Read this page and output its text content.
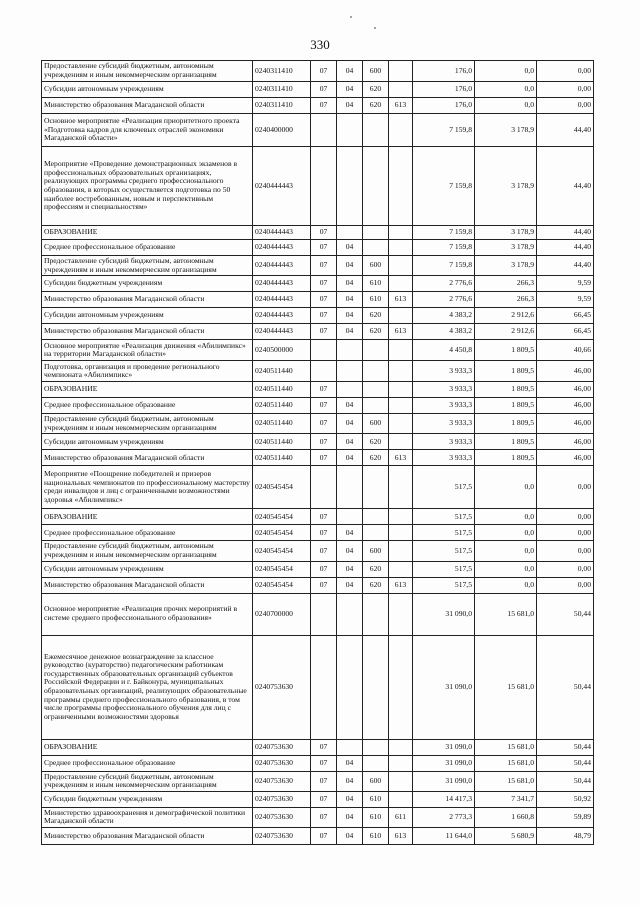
330
Предоставление субсидий бюджетным, автономным учреждениям и иным некоммерческим организациям	0240311410	07	04	600		176,0	0,0	0,00
Субсидии автономным учреждениям	0240311410	07	04	620		176,0	0,0	0,00
Министерство образования Магаданской области	0240311410	07	04	620	613	176,0	0,0	0,00
Основное мероприятие «Реализация приоритетного проекта «Подготовка кадров для ключевых отраслей экономики Магаданской области»	0240400000					7 159,8	3 178,9	44,40
Мероприятие «Проведение демонстрационных экзаменов в профессиональных образовательных организациях, реализующих программы среднего профессионального образования, в которых осуществляется подготовка по 50 наиболее востребованным, новым и перспективным профессиям и специальностям»	0240444443					7 159,8	3 178,9	44,40
ОБРАЗОВАНИЕ	0240444443	07				7 159,8	3 178,9	44,40
Среднее профессиональное образование	0240444443	07	04			7 159,8	3 178,9	44,40
Предоставление субсидий бюджетным, автономным учреждениям и иным некоммерческим организациям	0240444443	07	04	600		7 159,8	3 178,9	44,40
Субсидии бюджетным учреждениям	0240444443	07	04	610		2 776,6	266,3	9,59
Министерство образования Магаданской области	0240444443	07	04	610	613	2 776,6	266,3	9,59
Субсидии автономным учреждениям	0240444443	07	04	620		4 383,2	2 912,6	66,45
Министерство образования Магаданской области	0240444443	07	04	620	613	4 383,2	2 912,6	66,45
Основное мероприятие «Реализация движения «Абилимпикс» на территории Магаданской области»	0240500000					4 450,8	1 809,5	40,66
Подготовка, организация и проведение регионального чемпионата «Абилимпикс»	0240511440					3 933,3	1 809,5	46,00
ОБРАЗОВАНИЕ	0240511440	07				3 933,3	1 809,5	46,00
Среднее профессиональное образование	0240511440	07	04			3 933,3	1 809,5	46,00
Предоставление субсидий бюджетным, автономным учреждениям и иным некоммерческим организациям	0240511440	07	04	600		3 933,3	1 809,5	46,00
Субсидии автономным учреждениям	0240511440	07	04	620		3 933,3	1 809,5	46,00
Министерство образования Магаданской области	0240511440	07	04	620	613	3 933,3	1 809,5	46,00
Мероприятие «Поощрение победителей и призеров национальных чемпионатов по профессиональному мастерству среди инвалидов и лиц с ограниченными возможностями здоровья «Абилимпикс»	0240545454					517,5	0,0	0,00
ОБРАЗОВАНИЕ	0240545454	07				517,5	0,0	0,00
Среднее профессиональное образование	0240545454	07	04			517,5	0,0	0,00
Предоставление субсидий бюджетным, автономным учреждениям и иным некоммерческим организациям	0240545454	07	04	600		517,5	0,0	0,00
Субсидии автономным учреждениям	0240545454	07	04	620		517,5	0,0	0,00
Министерство образования Магаданской области	0240545454	07	04	620	613	517,5	0,0	0,00
Основное мероприятие «Реализация прочих мероприятий в системе среднего профессионального образования»	0240700000					31 090,0	15 681,0	50,44
Ежемесячное денежное вознаграждение за классное руководство (кураторство) педагогическим работникам государственных образовательных организаций субъектов Российской Федерации и г. Байконура, муниципальных образовательных организаций, реализующих образовательные программы среднего профессионального образования, в том числе программы профессионального обучения для лиц с ограниченными возможностями здоровья	0240753630					31 090,0	15 681,0	50,44
ОБРАЗОВАНИЕ	0240753630	07				31 090,0	15 681,0	50,44
Среднее профессиональное образование	0240753630	07	04			31 090,0	15 681,0	50,44
Предоставление субсидий бюджетным, автономным учреждениям и иным некоммерческим организациям	0240753630	07	04	600		31 090,0	15 681,0	50,44
Субсидии бюджетным учреждениям	0240753630	07	04	610		14 417,3	7 341,7	50,92
Министерство здравоохранения и демографической политики Магаданской области	0240753630	07	04	610	611	2 773,3	1 660,8	59,89
Министерство образования Магаданской области	0240753630	07	04	610	613	11 644,0	5 680,9	48,79
